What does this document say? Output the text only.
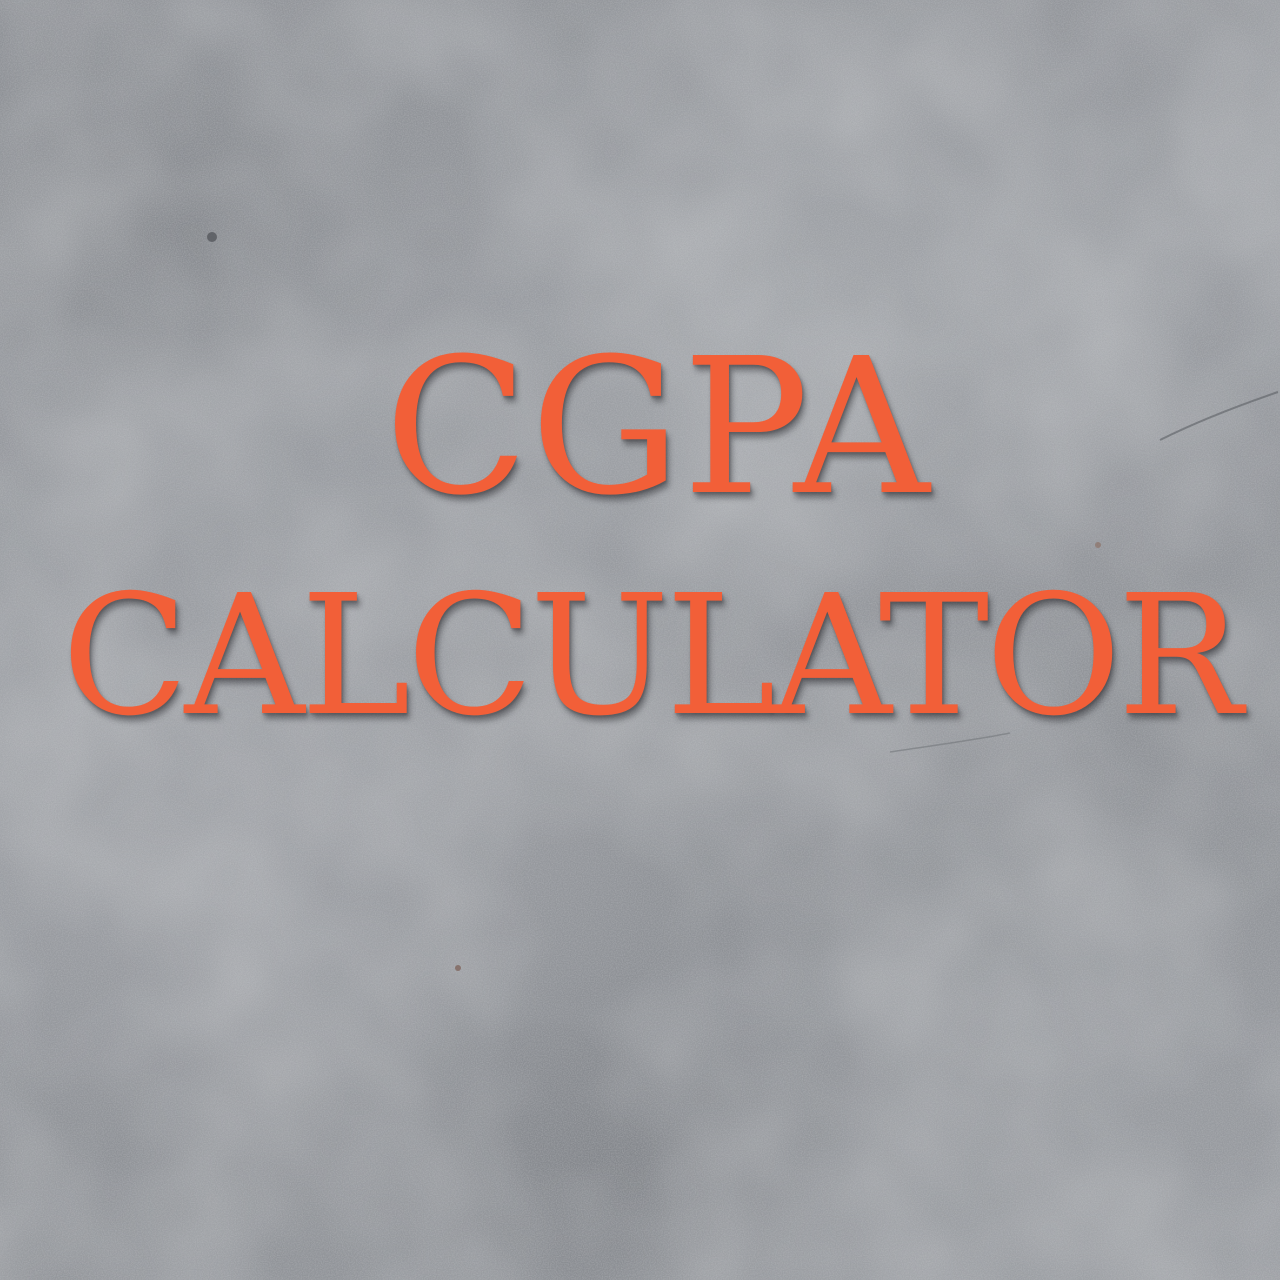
CGPA
CALCULATOR
